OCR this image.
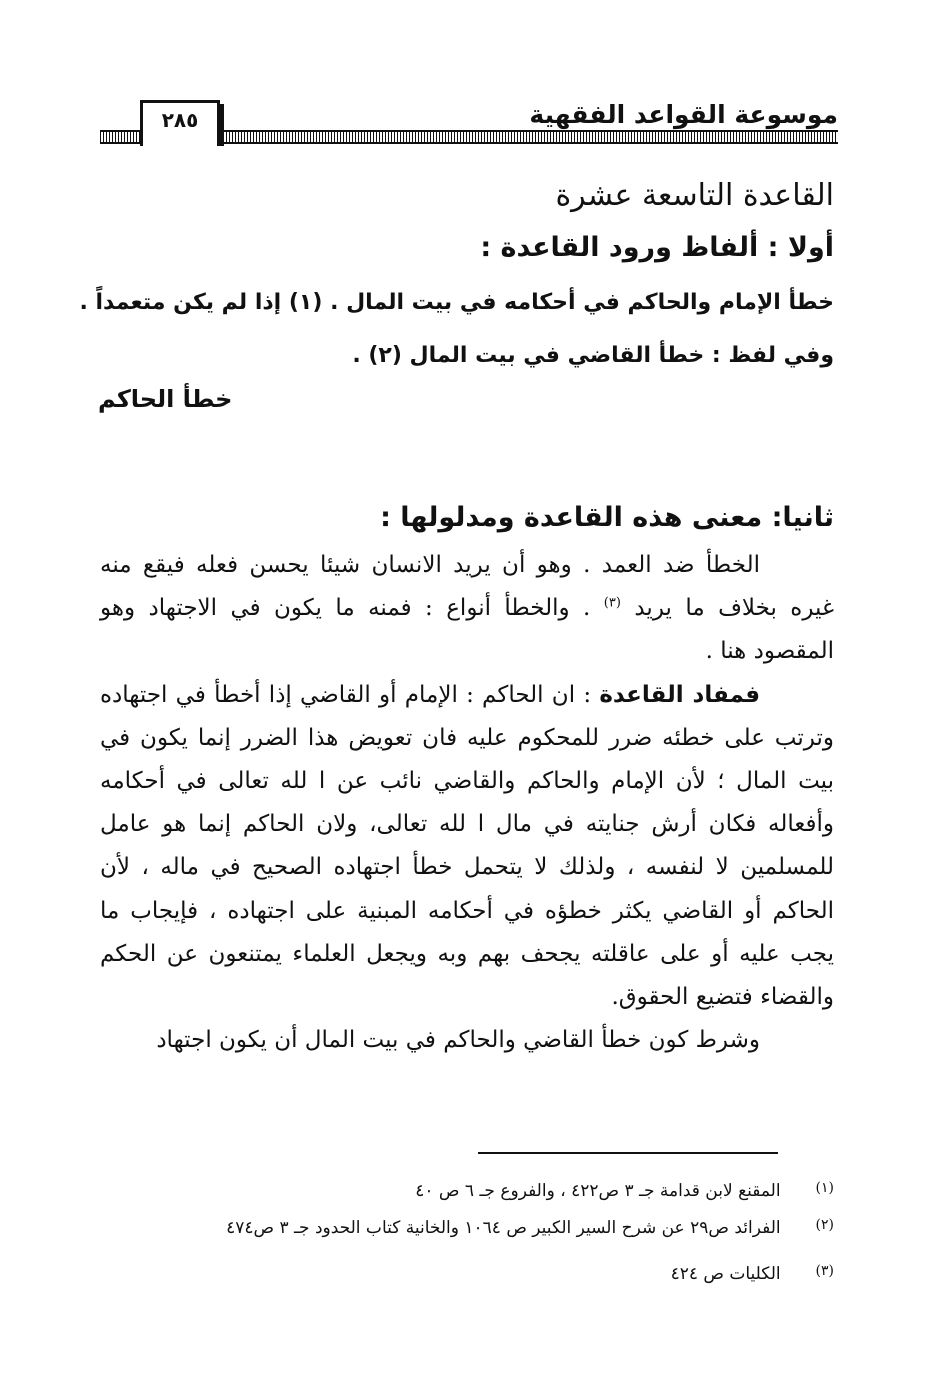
موسوعة القواعد الفقهية
٢٨٥
القاعدة التاسعة عشرة
أولا : ألفاظ ورود القاعدة :
خطأ الإمام والحاكم في أحكامه في بيت المال . (١) إذا لم يكن متعمداً .
وفي لفظ : خطأ القاضي في بيت المال (٢) .
خطأ الحاكم
ثانيا: معنى هذه القاعدة ومدلولها :

الخطأ ضد العمد . وهو أن يريد الانسان شيئا يحسن فعله فيقع منه غيره بخلاف ما يريد $^{(٣)}$ . والخطأ أنواع : فمنه ما يكون في الاجتهاد وهو المقصود هنا .

فمفاد القاعدة : ان الحاكم : الإمام أو القاضي إذا أخطأ في اجتهاده وترتب على خطئه ضرر للمحكوم عليه فان تعويض هذا الضرر إنما يكون في بيت المال ؛ لأن الإمام والحاكم والقاضي نائب عن ا لله تعالى في أحكامه وأفعاله فكان أرش جنايته في مال ا لله تعالى، ولان الحاكم إنما هو عامل للمسلمين لا لنفسه ، ولذلك لا يتحمل خطأ اجتهاده الصحيح في ماله ، لأن الحاكم أو القاضي يكثر خطؤه في أحكامه المبنية على اجتهاده ، فإيجاب ما يجب عليه أو على عاقلته يجحف بهم وبه ويجعل العلماء يمتنعون عن الحكم والقضاء فتضيع الحقوق.

وشرط كون خطأ القاضي والحاكم في بيت المال أن يكون اجتهاد

(١) المقنع لابن قدامة جـ ٣ ص٤٢٢ ، والفروع جـ ٦ ص ٤٠
(٢) الفرائد ص٢٩ عن شرح السير الكبير ص ١٠٦٤ والخانية كتاب الحدود جـ ٣ ص٤٧٤
(٣) الكليات ص ٤٢٤
